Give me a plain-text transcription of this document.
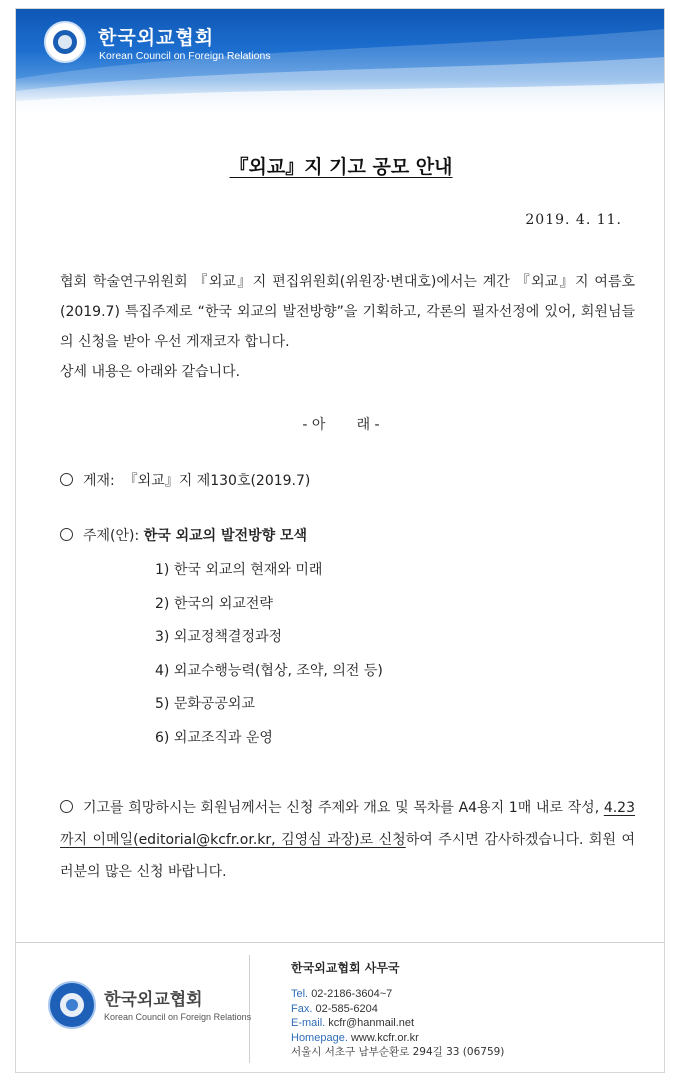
한국외교협회
Korean Council on Foreign Relations
『외교』지 기고 공모 안내
2019. 4. 11.

협회 학술연구위원회 『외교』지 편집위원회(위원장·변대호)에서는 계간 『외교』지 여름호(2019.7) 특집주제로 “한국 외교의 발전방향”을 기획하고, 각론의 필자선정에 있어, 회원님들의 신청을 받아 우선 게재코자 합니다.

상세 내용은 아래와 같습니다.

- 아       래 -
게재: 『외교』지 제130호(2019.7)
주제(안): 한국 외교의 발전방향 모색
1) 한국 외교의 현재와 미래
2) 한국의 외교전략
3) 외교정책결정과정
4) 외교수행능력(협상, 조약, 의전 등)
5) 문화공공외교
6) 외교조직과 운영
기고를 희망하시는 회원님께서는 신청 주제와 개요 및 목차를 A4용지 1매 내로 작성, 4.23까지 이메일(editorial@kcfr.or.kr, 김영심 과장)로 신청하여 주시면 감사하겠습니다. 회원 여러분의 많은 신청 바랍니다.
한국외교협회
Korean Council on Foreign Relations
한국외교협회 사무국
Tel. 02-2186-3604~7
Fax. 02-585-6204
E-mail. kcfr@hanmail.net
Homepage. www.kcfr.or.kr
서울시 서초구 남부순환로 294길 33 (06759)
